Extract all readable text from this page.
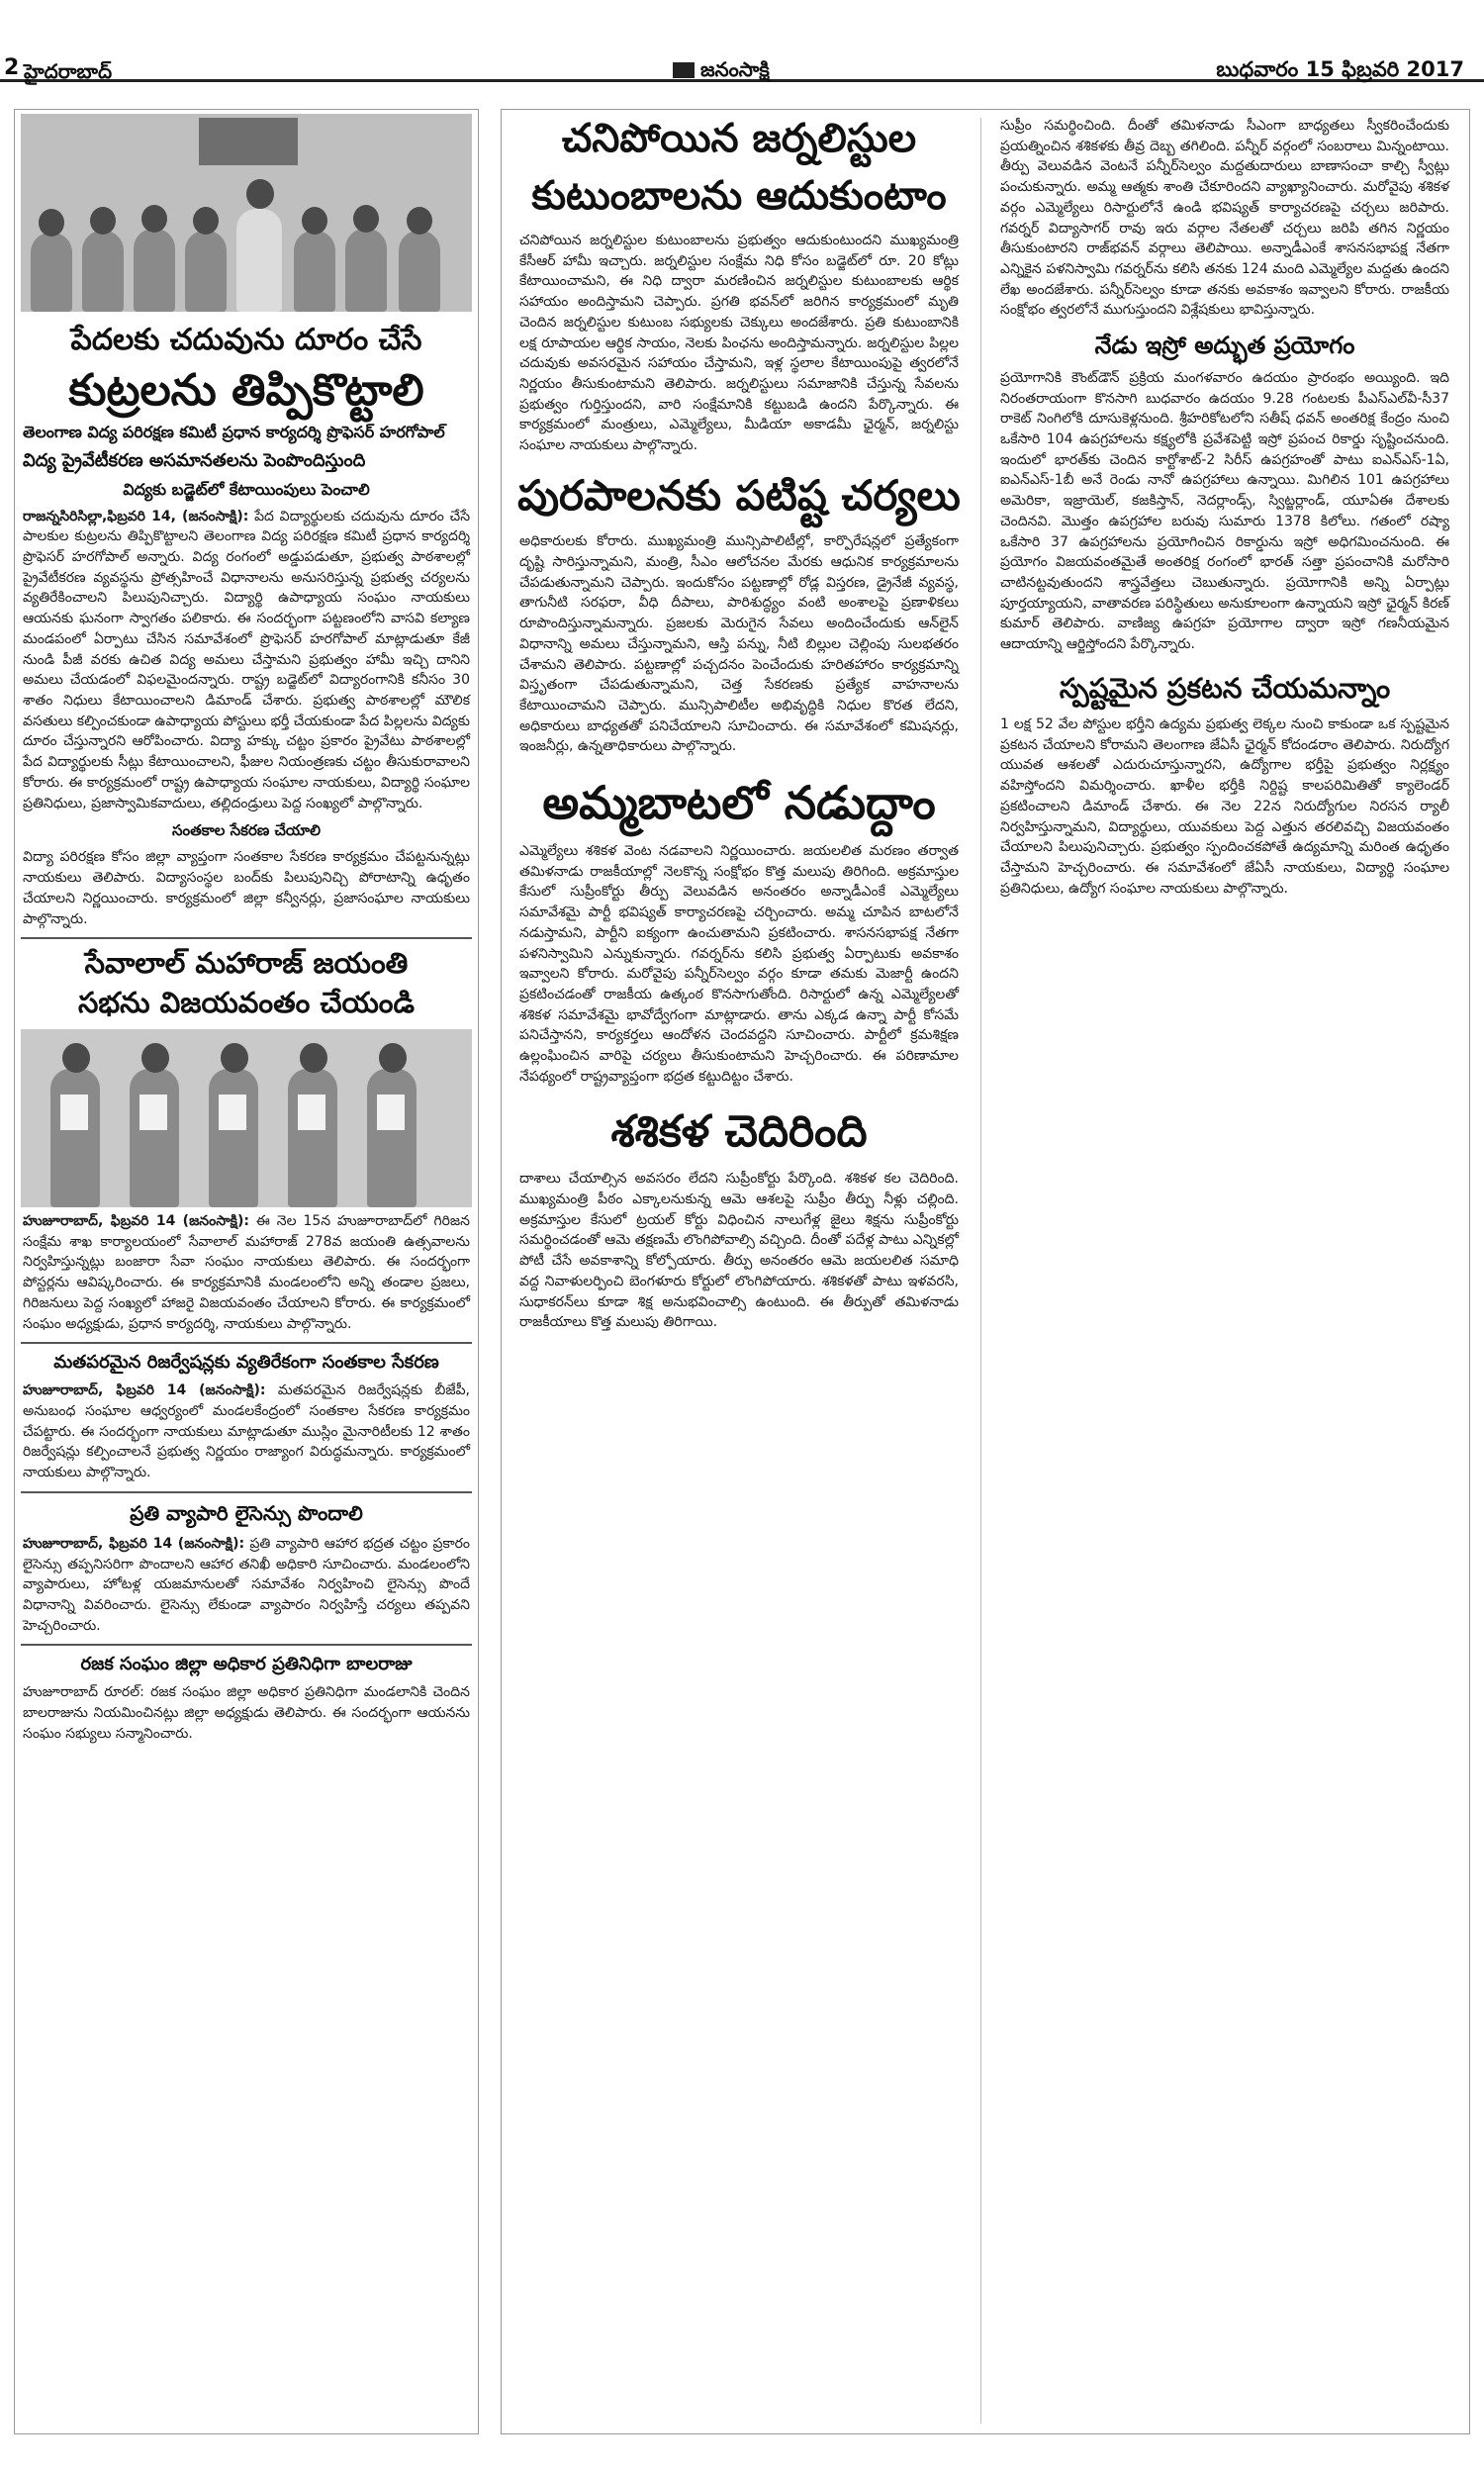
2 హైదరాబాద్	జనంసాక్షి	బుధవారం 15 ఫిబ్రవరి 2017
పేదలకు చదువును దూరం చేసే
కుట్రలను తిప్పికొట్టాలి
తెలంగాణ విద్య పరిరక్షణ కమిటీ ప్రధాన కార్యదర్శి ప్రొఫెసర్ హరగోపాల్
విద్య ప్రైవేటీకరణ అసమానతలను పెంపొందిస్తుంది
విద్యకు బడ్జెట్‌లో కేటాయింపులు పెంచాలి

రాజన్నసిరిసిల్లా,ఫిబ్రవరి 14, (జనంసాక్షి): పేద విద్యార్థులకు చదువును దూరం చేసే పాలకుల కుట్రలను తిప్పికొట్టాలని తెలంగాణ విద్య పరిరక్షణ కమిటీ ప్రధాన కార్యదర్శి ప్రొఫెసర్ హరగోపాల్ అన్నారు. విద్య రంగంలో అడ్డుపడుతూ, ప్రభుత్వ పాఠశాలల్లో ప్రైవేటీకరణ వ్యవస్థను ప్రోత్సహించే విధానాలను అనుసరిస్తున్న ప్రభుత్వ చర్యలను వ్యతిరేకించాలని పిలుపునిచ్చారు. విద్యార్థి ఉపాధ్యాయ సంఘం నాయకులు ఆయనకు ఘనంగా స్వాగతం పలికారు. ఈ సందర్భంగా పట్టణంలోని వాసవి కల్యాణ మండపంలో ఏర్పాటు చేసిన సమావేశంలో ప్రొఫెసర్ హరగోపాల్ మాట్లాడుతూ కేజీ నుండి పీజీ వరకు ఉచిత విద్య అమలు చేస్తామని ప్రభుత్వం హామీ ఇచ్చి దానిని అమలు చేయడంలో విఫలమైందన్నారు. రాష్ట్ర బడ్జెట్‌లో విద్యారంగానికి కనీసం 30 శాతం నిధులు కేటాయించాలని డిమాండ్ చేశారు. ప్రభుత్వ పాఠశాలల్లో మౌలిక వసతులు కల్పించకుండా ఉపాధ్యాయ పోస్టులు భర్తీ చేయకుండా పేద పిల్లలను విద్యకు దూరం చేస్తున్నారని ఆరోపించారు. విద్యా హక్కు చట్టం ప్రకారం ప్రైవేటు పాఠశాలల్లో పేద విద్యార్థులకు సీట్లు కేటాయించాలని, ఫీజుల నియంత్రణకు చట్టం తీసుకురావాలని కోరారు. ఈ కార్యక్రమంలో రాష్ట్ర ఉపాధ్యాయ సంఘాల నాయకులు, విద్యార్థి సంఘాల ప్రతినిధులు, ప్రజాస్వామికవాదులు, తల్లిదండ్రులు పెద్ద సంఖ్యలో పాల్గొన్నారు.

సంతకాల సేకరణ చేయాలి

విద్యా పరిరక్షణ కోసం జిల్లా వ్యాప్తంగా సంతకాల సేకరణ కార్యక్రమం చేపట్టనున్నట్లు నాయకులు తెలిపారు. విద్యాసంస్థల బంద్‌కు పిలుపునిచ్చి పోరాటాన్ని ఉధృతం చేయాలని నిర్ణయించారు. కార్యక్రమంలో జిల్లా కన్వీనర్లు, ప్రజాసంఘాల నాయకులు పాల్గొన్నారు.

సేవాలాల్ మహారాజ్ జయంతి
సభను విజయవంతం చేయండి

హుజూరాబాద్, ఫిబ్రవరి 14 (జనంసాక్షి): ఈ నెల 15న హుజూరాబాద్‌లో గిరిజన సంక్షేమ శాఖ కార్యాలయంలో సేవాలాల్ మహారాజ్ 278వ జయంతి ఉత్సవాలను నిర్వహిస్తున్నట్లు బంజారా సేవా సంఘం నాయకులు తెలిపారు. ఈ సందర్భంగా పోస్టర్లను ఆవిష్కరించారు. ఈ కార్యక్రమానికి మండలంలోని అన్ని తండాల ప్రజలు, గిరిజనులు పెద్ద సంఖ్యలో హాజరై విజయవంతం చేయాలని కోరారు. ఈ కార్యక్రమంలో సంఘం అధ్యక్షుడు, ప్రధాన కార్యదర్శి, నాయకులు పాల్గొన్నారు.

మతపరమైన రిజర్వేషన్లకు వ్యతిరేకంగా సంతకాల సేకరణ

హుజూరాబాద్, ఫిబ్రవరి 14 (జనంసాక్షి): మతపరమైన రిజర్వేషన్లకు బీజేపీ, అనుబంధ సంఘాల ఆధ్వర్యంలో మండలకేంద్రంలో సంతకాల సేకరణ కార్యక్రమం చేపట్టారు. ఈ సందర్భంగా నాయకులు మాట్లాడుతూ ముస్లిం మైనారిటీలకు 12 శాతం రిజర్వేషన్లు కల్పించాలనే ప్రభుత్వ నిర్ణయం రాజ్యాంగ విరుద్ధమన్నారు. కార్యక్రమంలో నాయకులు పాల్గొన్నారు.

ప్రతి వ్యాపారి లైసెన్సు పొందాలి

హుజూరాబాద్, ఫిబ్రవరి 14 (జనంసాక్షి): ప్రతి వ్యాపారి ఆహార భద్రత చట్టం ప్రకారం లైసెన్సు తప్పనిసరిగా పొందాలని ఆహార తనిఖీ అధికారి సూచించారు. మండలంలోని వ్యాపారులు, హోటళ్ల యజమానులతో సమావేశం నిర్వహించి లైసెన్సు పొందే విధానాన్ని వివరించారు. లైసెన్సు లేకుండా వ్యాపారం నిర్వహిస్తే చర్యలు తప్పవని హెచ్చరించారు.

రజక సంఘం జిల్లా అధికార ప్రతినిధిగా బాలరాజు

హుజూరాబాద్ రూరల్: రజక సంఘం జిల్లా అధికార ప్రతినిధిగా మండలానికి చెందిన బాలరాజును నియమించినట్లు జిల్లా అధ్యక్షుడు తెలిపారు. ఈ సందర్భంగా ఆయనను సంఘం సభ్యులు సన్మానించారు.

చనిపోయిన జర్నలిస్టుల
కుటుంబాలను ఆదుకుంటాం

చనిపోయిన జర్నలిస్టుల కుటుంబాలను ప్రభుత్వం ఆదుకుంటుందని ముఖ్యమంత్రి కేసీఆర్ హామీ ఇచ్చారు. జర్నలిస్టుల సంక్షేమ నిధి కోసం బడ్జెట్‌లో రూ. 20 కోట్లు కేటాయించామని, ఈ నిధి ద్వారా మరణించిన జర్నలిస్టుల కుటుంబాలకు ఆర్థిక సహాయం అందిస్తామని చెప్పారు. ప్రగతి భవన్‌లో జరిగిన కార్యక్రమంలో మృతి చెందిన జర్నలిస్టుల కుటుంబ సభ్యులకు చెక్కులు అందజేశారు. ప్రతి కుటుంబానికి లక్ష రూపాయల ఆర్థిక సాయం, నెలకు పింఛను అందిస్తామన్నారు. జర్నలిస్టుల పిల్లల చదువుకు అవసరమైన సహాయం చేస్తామని, ఇళ్ల స్థలాల కేటాయింపుపై త్వరలోనే నిర్ణయం తీసుకుంటామని తెలిపారు. జర్నలిస్టులు సమాజానికి చేస్తున్న సేవలను ప్రభుత్వం గుర్తిస్తుందని, వారి సంక్షేమానికి కట్టుబడి ఉందని పేర్కొన్నారు. ఈ కార్యక్రమంలో మంత్రులు, ఎమ్మెల్యేలు, మీడియా అకాడమీ ఛైర్మన్, జర్నలిస్టు సంఘాల నాయకులు పాల్గొన్నారు.

పురపాలనకు పటిష్ట చర్యలు

అధికారులకు కోరారు. ముఖ్యమంత్రి మున్సిపాలిటీల్లో, కార్పొరేషన్లలో ప్రత్యేకంగా దృష్టి సారిస్తున్నామని, మంత్రి, సీఎం ఆలోచనల మేరకు ఆధునిక కార్యక్రమాలను చేపడుతున్నామని చెప్పారు. ఇందుకోసం పట్టణాల్లో రోడ్ల విస్తరణ, డ్రైనేజీ వ్యవస్థ, తాగునీటి సరఫరా, వీధి దీపాలు, పారిశుద్ధ్యం వంటి అంశాలపై ప్రణాళికలు రూపొందిస్తున్నామన్నారు. ప్రజలకు మెరుగైన సేవలు అందించేందుకు ఆన్‌లైన్ విధానాన్ని అమలు చేస్తున్నామని, ఆస్తి పన్ను, నీటి బిల్లుల చెల్లింపు సులభతరం చేశామని తెలిపారు. పట్టణాల్లో పచ్చదనం పెంచేందుకు హరితహారం కార్యక్రమాన్ని విస్తృతంగా చేపడుతున్నామని, చెత్త సేకరణకు ప్రత్యేక వాహనాలను కేటాయించామని చెప్పారు. మున్సిపాలిటీల అభివృద్ధికి నిధుల కొరత లేదని, అధికారులు బాధ్యతతో పనిచేయాలని సూచించారు. ఈ సమావేశంలో కమిషనర్లు, ఇంజనీర్లు, ఉన్నతాధికారులు పాల్గొన్నారు.

అమ్మబాటలో నడుద్దాం

ఎమ్మెల్యేలు శశికళ వెంట నడవాలని నిర్ణయించారు. జయలలిత మరణం తర్వాత తమిళనాడు రాజకీయాల్లో నెలకొన్న సంక్షోభం కొత్త మలుపు తిరిగింది. అక్రమాస్తుల కేసులో సుప్రీంకోర్టు తీర్పు వెలువడిన అనంతరం అన్నాడీఎంకే ఎమ్మెల్యేలు సమావేశమై పార్టీ భవిష్యత్ కార్యాచరణపై చర్చించారు. అమ్మ చూపిన బాటలోనే నడుస్తామని, పార్టీని ఐక్యంగా ఉంచుతామని ప్రకటించారు. శాసనసభాపక్ష నేతగా పళనిస్వామిని ఎన్నుకున్నారు. గవర్నర్‌ను కలిసి ప్రభుత్వ ఏర్పాటుకు అవకాశం ఇవ్వాలని కోరారు. మరోవైపు పన్నీర్‌సెల్వం వర్గం కూడా తమకు మెజార్టీ ఉందని ప్రకటించడంతో రాజకీయ ఉత్కంఠ కొనసాగుతోంది. రిసార్టులో ఉన్న ఎమ్మెల్యేలతో శశికళ సమావేశమై భావోద్వేగంగా మాట్లాడారు. తాను ఎక్కడ ఉన్నా పార్టీ కోసమే పనిచేస్తానని, కార్యకర్తలు ఆందోళన చెందవద్దని సూచించారు. పార్టీలో క్రమశిక్షణ ఉల్లంఘించిన వారిపై చర్యలు తీసుకుంటామని హెచ్చరించారు. ఈ పరిణామాల నేపథ్యంలో రాష్ట్రవ్యాప్తంగా భద్రత కట్టుదిట్టం చేశారు.

శశికళ చెదిరింది

దాశాలు చేయాల్సిన అవసరం లేదని సుప్రీంకోర్టు పేర్కొంది. శశికళ కల చెదిరింది. ముఖ్యమంత్రి పీఠం ఎక్కాలనుకున్న ఆమె ఆశలపై సుప్రీం తీర్పు నీళ్లు చల్లింది. అక్రమాస్తుల కేసులో ట్రయల్ కోర్టు విధించిన నాలుగేళ్ల జైలు శిక్షను సుప్రీంకోర్టు సమర్థించడంతో ఆమె తక్షణమే లొంగిపోవాల్సి వచ్చింది. దీంతో పదేళ్ల పాటు ఎన్నికల్లో పోటీ చేసే అవకాశాన్ని కోల్పోయారు. తీర్పు అనంతరం ఆమె జయలలిత సమాధి వద్ద నివాళులర్పించి బెంగళూరు కోర్టులో లొంగిపోయారు. శశికళతో పాటు ఇళవరసి, సుధాకరన్‌లు కూడా శిక్ష అనుభవించాల్సి ఉంటుంది. ఈ తీర్పుతో తమిళనాడు రాజకీయాలు కొత్త మలుపు తిరిగాయి.

సుప్రీం సమర్థించింది. దీంతో తమిళనాడు సీఎంగా బాధ్యతలు స్వీకరించేందుకు ప్రయత్నించిన శశికళకు తీవ్ర దెబ్బ తగిలింది. పన్నీర్ వర్గంలో సంబరాలు మిన్నంటాయి. తీర్పు వెలువడిన వెంటనే పన్నీర్‌సెల్వం మద్దతుదారులు బాణాసంచా కాల్చి స్వీట్లు పంచుకున్నారు. అమ్మ ఆత్మకు శాంతి చేకూరిందని వ్యాఖ్యానించారు. మరోవైపు శశికళ వర్గం ఎమ్మెల్యేలు రిసార్టులోనే ఉండి భవిష్యత్ కార్యాచరణపై చర్చలు జరిపారు. గవర్నర్ విద్యాసాగర్ రావు ఇరు వర్గాల నేతలతో చర్చలు జరిపి తగిన నిర్ణయం తీసుకుంటారని రాజ్‌భవన్ వర్గాలు తెలిపాయి. అన్నాడీఎంకే శాసనసభాపక్ష నేతగా ఎన్నికైన పళనిస్వామి గవర్నర్‌ను కలిసి తనకు 124 మంది ఎమ్మెల్యేల మద్దతు ఉందని లేఖ అందజేశారు. పన్నీర్‌సెల్వం కూడా తనకు అవకాశం ఇవ్వాలని కోరారు. రాజకీయ సంక్షోభం త్వరలోనే ముగుస్తుందని విశ్లేషకులు భావిస్తున్నారు.

నేడు ఇస్రో అద్భుత ప్రయోగం

ప్రయోగానికి కౌంట్‌డౌన్ ప్రక్రియ మంగళవారం ఉదయం ప్రారంభం అయ్యింది. ఇది నిరంతరాయంగా కొనసాగి బుధవారం ఉదయం 9.28 గంటలకు పీఎస్‌ఎల్‌వీ-సీ37 రాకెట్ నింగిలోకి దూసుకెళ్లనుంది. శ్రీహరికోటలోని సతీష్ ధవన్ అంతరిక్ష కేంద్రం నుంచి ఒకేసారి 104 ఉపగ్రహాలను కక్ష్యలోకి ప్రవేశపెట్టి ఇస్రో ప్రపంచ రికార్డు సృష్టించనుంది. ఇందులో భారత్‌కు చెందిన కార్టోశాట్-2 సిరీస్ ఉపగ్రహంతో పాటు ఐఎన్‌ఎస్-1ఏ, ఐఎన్‌ఎస్-1బీ అనే రెండు నానో ఉపగ్రహాలు ఉన్నాయి. మిగిలిన 101 ఉపగ్రహాలు అమెరికా, ఇజ్రాయెల్, కజకిస్తాన్, నెదర్లాండ్స్, స్విట్జర్లాండ్, యూఏఈ దేశాలకు చెందినవి. మొత్తం ఉపగ్రహాల బరువు సుమారు 1378 కిలోలు. గతంలో రష్యా ఒకేసారి 37 ఉపగ్రహాలను ప్రయోగించిన రికార్డును ఇస్రో అధిగమించనుంది. ఈ ప్రయోగం విజయవంతమైతే అంతరిక్ష రంగంలో భారత్ సత్తా ప్రపంచానికి మరోసారి చాటినట్టవుతుందని శాస్త్రవేత్తలు చెబుతున్నారు. ప్రయోగానికి అన్ని ఏర్పాట్లు పూర్తయ్యాయని, వాతావరణ పరిస్థితులు అనుకూలంగా ఉన్నాయని ఇస్రో ఛైర్మన్ కిరణ్ కుమార్ తెలిపారు. వాణిజ్య ఉపగ్రహ ప్రయోగాల ద్వారా ఇస్రో గణనీయమైన ఆదాయాన్ని ఆర్జిస్తోందని పేర్కొన్నారు.

స్పష్టమైన ప్రకటన చేయమన్నాం

1 లక్ష 52 వేల పోస్టుల భర్తీని ఉద్యమ ప్రభుత్వ లెక్కల నుంచి కాకుండా ఒక స్పష్టమైన ప్రకటన చేయాలని కోరామని తెలంగాణ జేఏసీ ఛైర్మన్ కోదండరాం తెలిపారు. నిరుద్యోగ యువత ఆశలతో ఎదురుచూస్తున్నారని, ఉద్యోగాల భర్తీపై ప్రభుత్వం నిర్లక్ష్యం వహిస్తోందని విమర్శించారు. ఖాళీల భర్తీకి నిర్దిష్ట కాలపరిమితితో క్యాలెండర్ ప్రకటించాలని డిమాండ్ చేశారు. ఈ నెల 22న నిరుద్యోగుల నిరసన ర్యాలీ నిర్వహిస్తున్నామని, విద్యార్థులు, యువకులు పెద్ద ఎత్తున తరలివచ్చి విజయవంతం చేయాలని పిలుపునిచ్చారు. ప్రభుత్వం స్పందించకపోతే ఉద్యమాన్ని మరింత ఉధృతం చేస్తామని హెచ్చరించారు. ఈ సమావేశంలో జేఏసీ నాయకులు, విద్యార్థి సంఘాల ప్రతినిధులు, ఉద్యోగ సంఘాల నాయకులు పాల్గొన్నారు.
